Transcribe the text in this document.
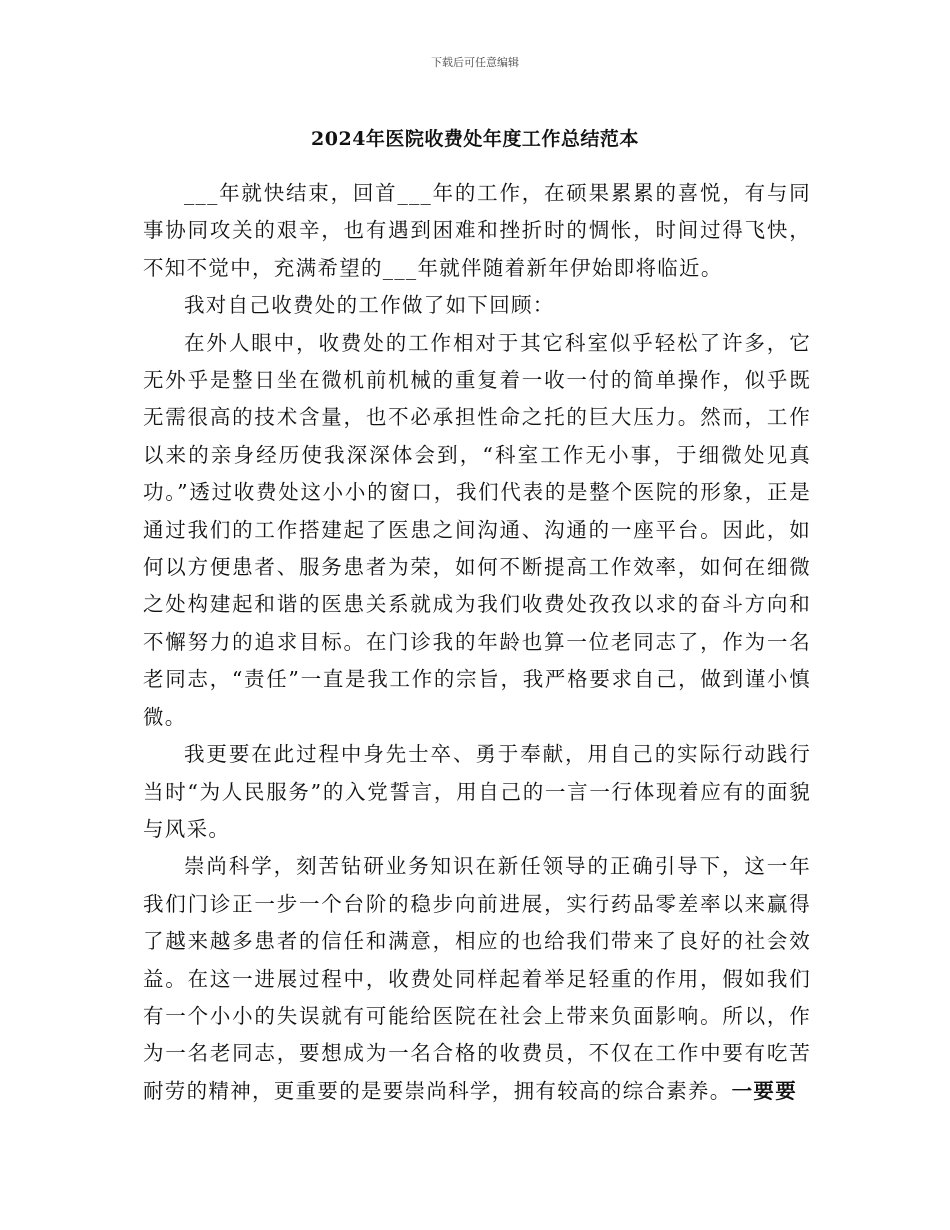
下载后可任意编辑
2024年医院收费处年度工作总结范本

___年就快结束，回首___年的工作，在硕果累累的喜悦，有与同事协同攻关的艰辛，也有遇到困难和挫折时的惆怅，时间过得飞快，不知不觉中，充满希望的___年就伴随着新年伊始即将临近。

我对自己收费处的工作做了如下回顾：

在外人眼中，收费处的工作相对于其它科室似乎轻松了许多，它无外乎是整日坐在微机前机械的重复着一收一付的简单操作，似乎既无需很高的技术含量，也不必承担性命之托的巨大压力。然而，工作以来的亲身经历使我深深体会到，“科室工作无小事，于细微处见真功。”透过收费处这小小的窗口，我们代表的是整个医院的形象，正是通过我们的工作搭建起了医患之间沟通、沟通的一座平台。因此，如何以方便患者、服务患者为荣，如何不断提高工作效率，如何在细微之处构建起和谐的医患关系就成为我们收费处孜孜以求的奋斗方向和不懈努力的追求目标。在门诊我的年龄也算一位老同志了，作为一名老同志，“责任”一直是我工作的宗旨，我严格要求自己，做到谨小慎微。

我更要在此过程中身先士卒、勇于奉献，用自己的实际行动践行当时“为人民服务”的入党誓言，用自己的一言一行体现着应有的面貌与风采。

崇尚科学，刻苦钻研业务知识在新任领导的正确引导下，这一年我们门诊正一步一个台阶的稳步向前进展，实行药品零差率以来赢得了越来越多患者的信任和满意，相应的也给我们带来了良好的社会效益。在这一进展过程中，收费处同样起着举足轻重的作用，假如我们有一个小小的失误就有可能给医院在社会上带来负面影响。所以，作为一名老同志，要想成为一名合格的收费员，不仅在工作中要有吃苦耐劳的精神，更重要的是要崇尚科学，拥有较高的综合素养。一要要
